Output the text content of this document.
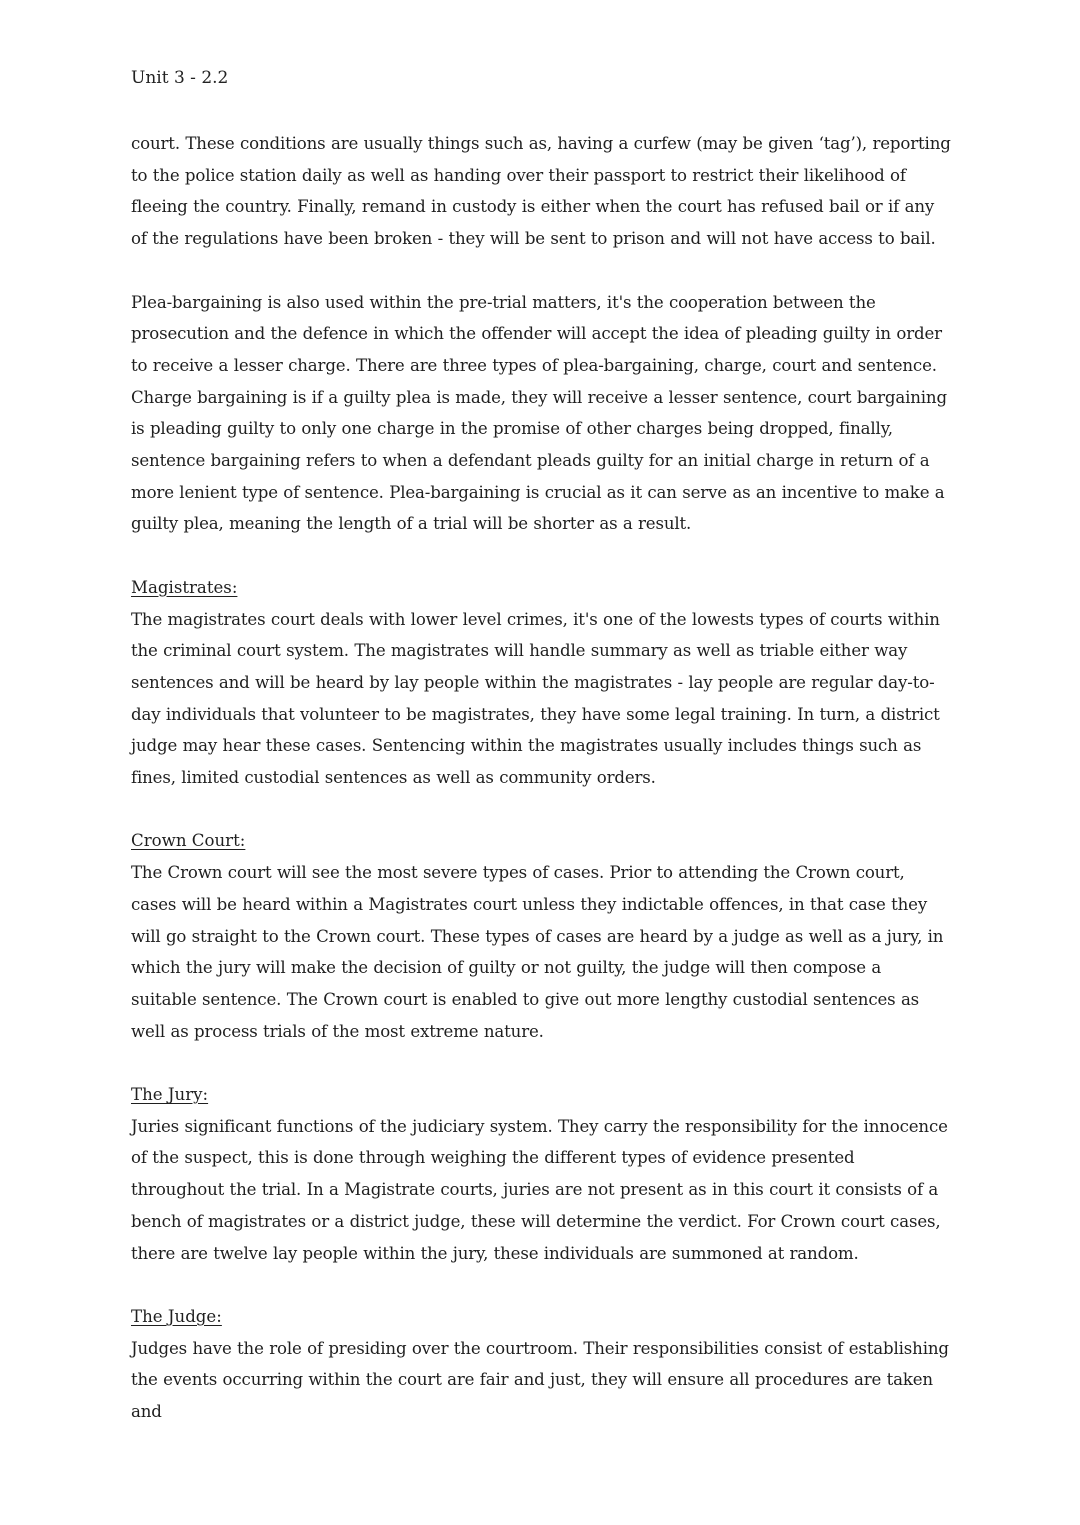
Unit 3 - 2.2

court. These conditions are usually things such as, having a curfew (may be given ‘tag’), reporting to the police station daily as well as handing over their passport to restrict their likelihood of fleeing the country. Finally, remand in custody is either when the court has refused bail or if any of the regulations have been broken - they will be sent to prison and will not have access to bail.

Plea-bargaining is also used within the pre-trial matters, it's the cooperation between the prosecution and the defence in which the offender will accept the idea of pleading guilty in order to receive a lesser charge. There are three types of plea-bargaining, charge, court and sentence. Charge bargaining is if a guilty plea is made, they will receive a lesser sentence, court bargaining is pleading guilty to only one charge in the promise of other charges being dropped, finally, sentence bargaining refers to when a defendant pleads guilty for an initial charge in return of a more lenient type of sentence. Plea-bargaining is crucial as it can serve as an incentive to make a guilty plea, meaning the length of a trial will be shorter as a result.

Magistrates:

The magistrates court deals with lower level crimes, it's one of the lowests types of courts within the criminal court system. The magistrates will handle summary as well as triable either way sentences and will be heard by lay people within the magistrates - lay people are regular day-to-day individuals that volunteer to be magistrates, they have some legal training. In turn, a district judge may hear these cases. Sentencing within the magistrates usually includes things such as fines, limited custodial sentences as well as community orders.

Crown Court:

The Crown court will see the most severe types of cases. Prior to attending the Crown court, cases will be heard within a Magistrates court unless they indictable offences, in that case they will go straight to the Crown court. These types of cases are heard by a judge as well as a jury, in which the jury will make the decision of guilty or not guilty, the judge will then compose a suitable sentence. The Crown court is enabled to give out more lengthy custodial sentences as well as process trials of the most extreme nature.

The Jury:

Juries significant functions of the judiciary system. They carry the responsibility for the innocence of the suspect, this is done through weighing the different types of evidence presented throughout the trial. In a Magistrate courts, juries are not present as in this court it consists of a bench of magistrates or a district judge, these will determine the verdict. For Crown court cases, there are twelve lay people within the jury, these individuals are summoned at random.

The Judge:

Judges have the role of presiding over the courtroom. Their responsibilities consist of establishing the events occurring within the court are fair and just, they will ensure all procedures are taken and
